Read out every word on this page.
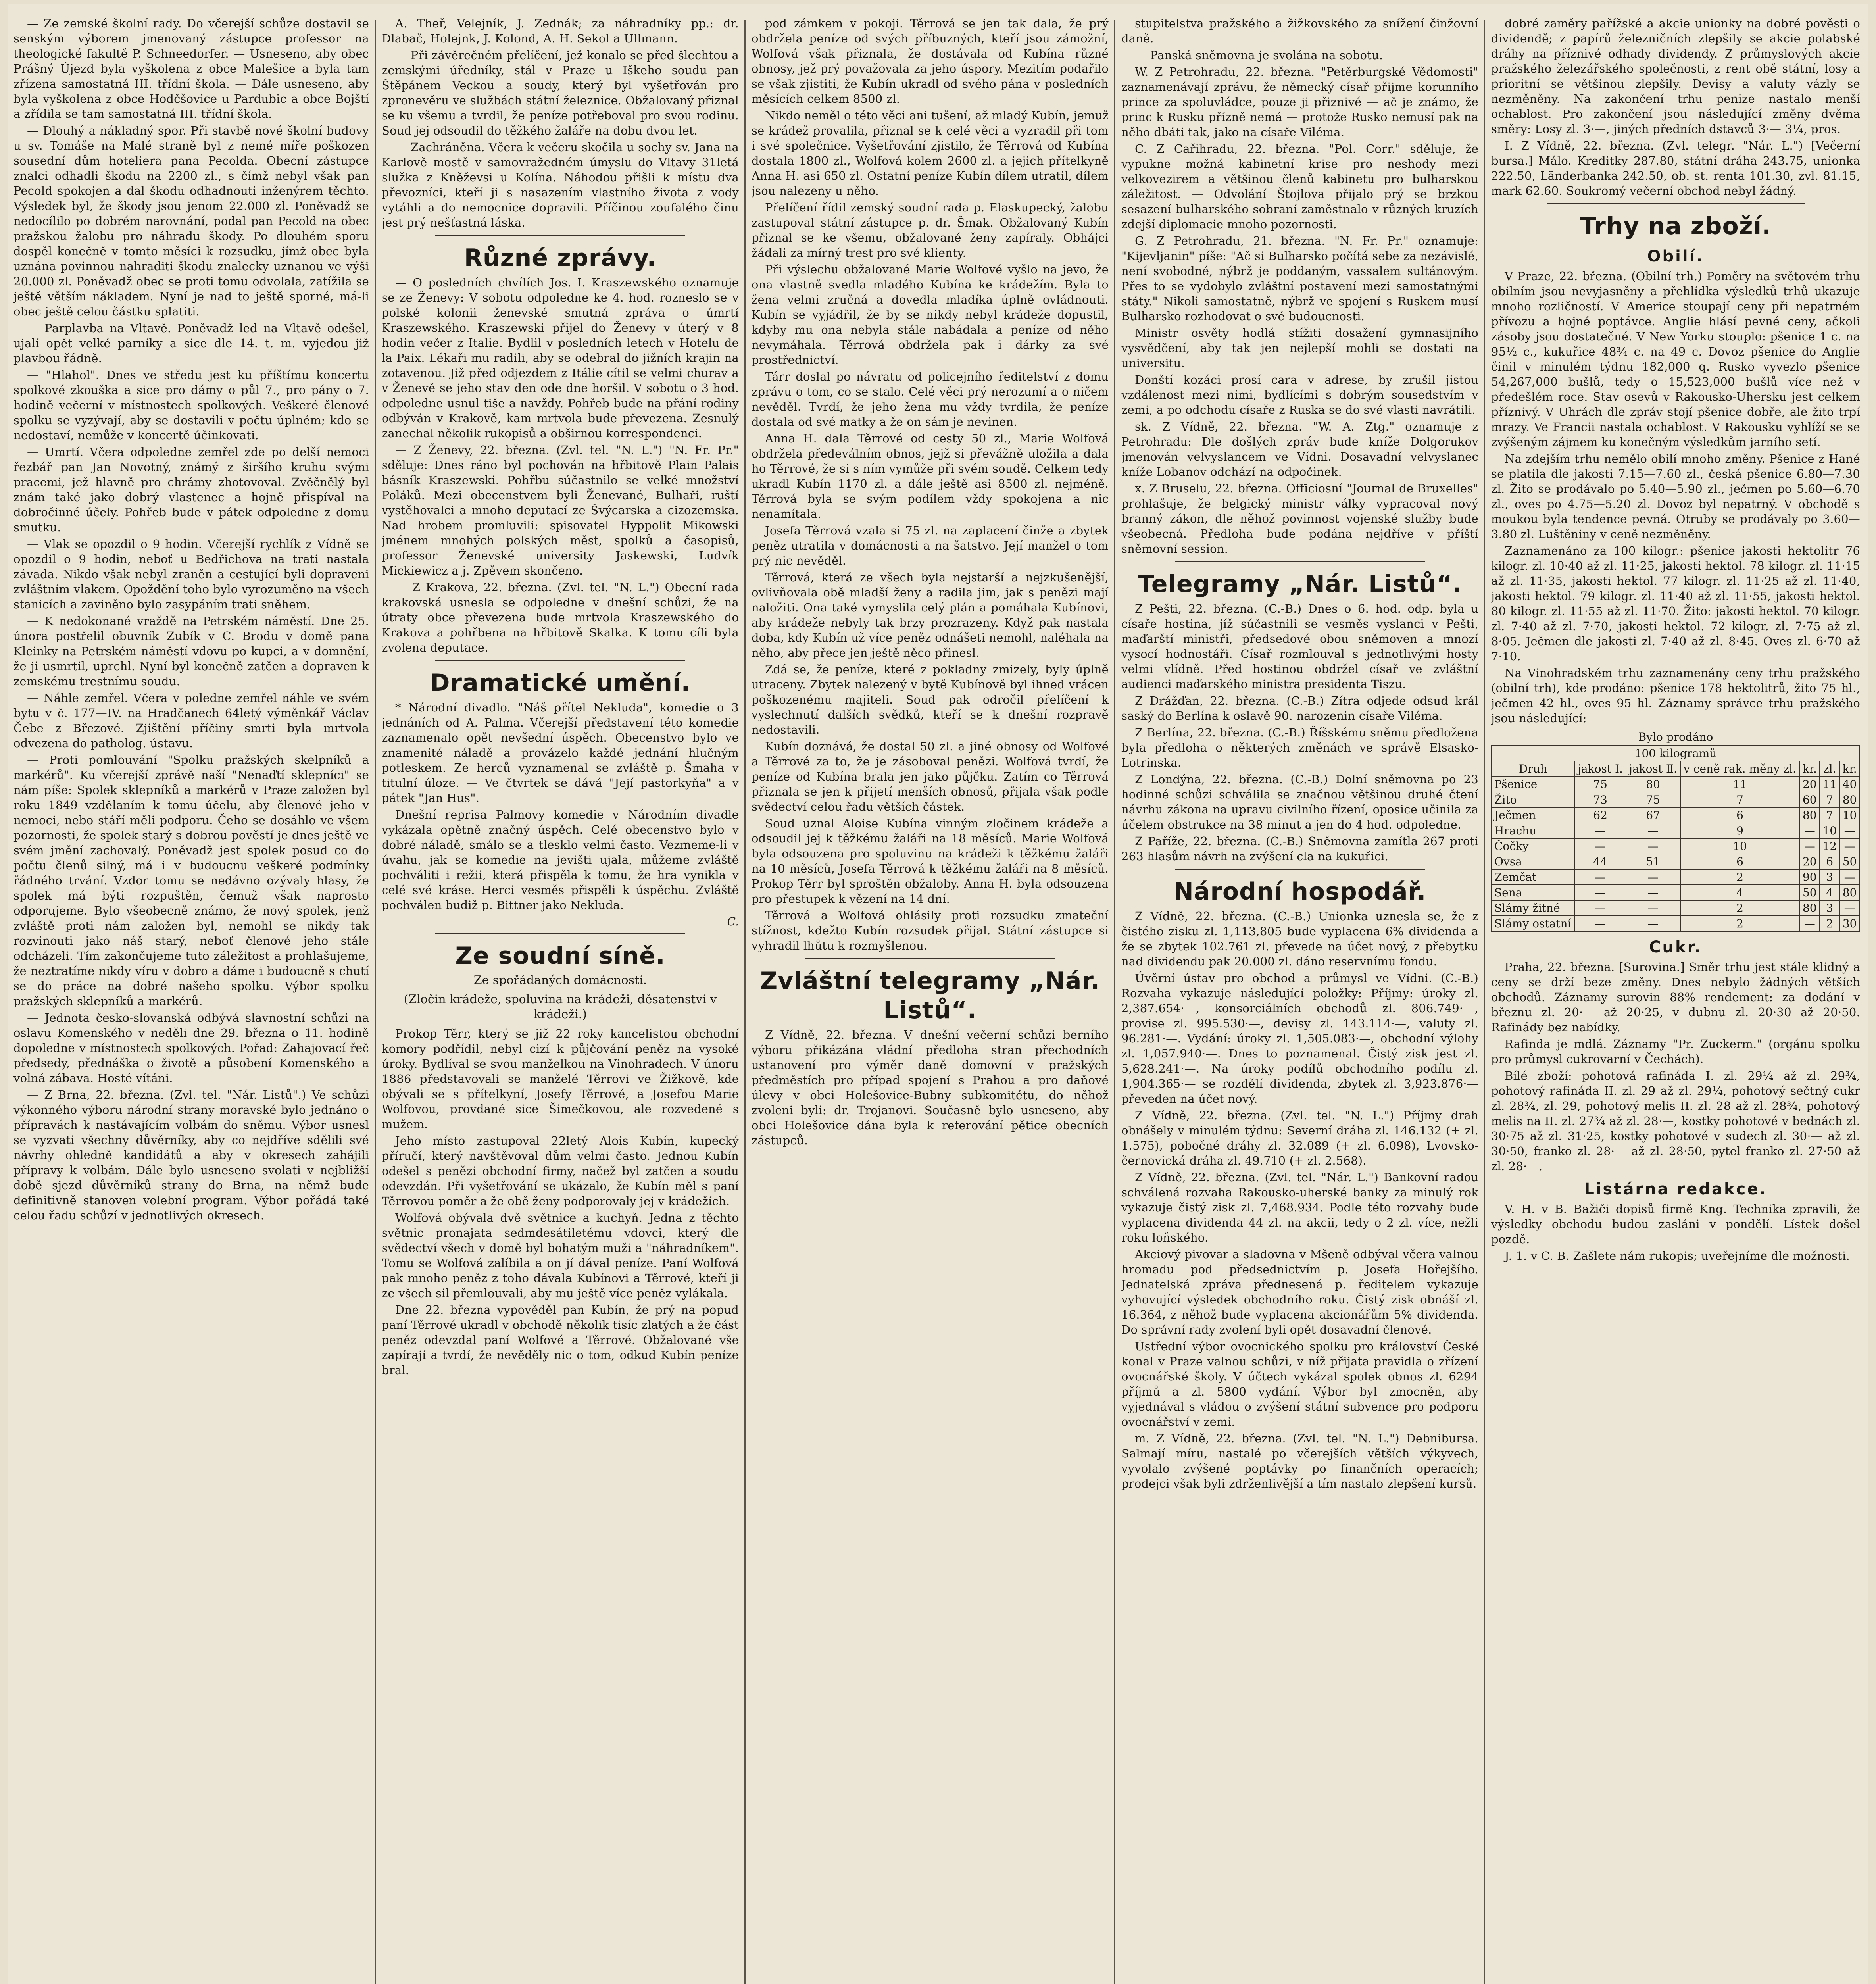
— Ze zemské školní rady. Do včerejší schůze dostavil se senským výborem jmenovaný zástupce professor na theologické fakultě P. Schneedorfer. — Usneseno, aby obec Prášný Újezd byla vyškolena z obce Malešice a byla tam zřízena samostatná III. třídní škola. — Dále usneseno, aby byla vyškolena z obce Hodčšovice u Pardubic a obce Bojští a zřídila se tam samostatná III. třídní škola.

— Dlouhý a nákladný spor. Při stavbě nové školní budovy u sv. Tomáše na Malé straně byl z nemé míře poškozen sousední dům hoteliera pana Pecolda. Obecní zástupce znalci odhadli škodu na 2200 zl., s čímž nebyl však pan Pecold spokojen a dal škodu odhadnouti inženýrem těchto. Výsledek byl, že škody jsou jenom 22.000 zl. Poněvadž se nedocílilo po dobrém narovnání, podal pan Pecold na obec pražskou žalobu pro náhradu škody. Po dlouhém sporu dospěl konečně v tomto měsíci k rozsudku, jímž obec byla uznána povinnou nahraditi škodu znalecky uznanou ve výši 20.000 zl. Poněvadž obec se proti tomu odvolala, zatížila se ještě větším nákladem. Nyní je nad to ještě sporné, má-li obec ještě celou částku splatiti.

— Parplavba na Vltavě. Poněvadž led na Vltavě odešel, ujalí opět velké parníky a sice dle 14. t. m. vyjedou již plavbou řádně.

— "Hlahol". Dnes ve středu jest ku příštímu koncertu spolkové zkouška a sice pro dámy o půl 7., pro pány o 7. hodině večerní v místnostech spolkových. Veškeré členové spolku se vyzývají, aby se dostavili v počtu úplném; kdo se nedostaví, nemůže v koncertě účinkovati.

— Umrtí. Včera odpoledne zemřel zde po delší nemoci řezbář pan Jan Novotný, známý z širšího kruhu svými pracemi, jež hlavně pro chrámy zhotovoval. Zvěčnělý byl znám také jako dobrý vlastenec a hojně přispíval na dobročinné účely. Pohřeb bude v pátek odpoledne z domu smutku.

— Vlak se opozdil o 9 hodin. Včerejší rychlík z Vídně se opozdil o 9 hodin, neboť u Bedřichova na trati nastala závada. Nikdo však nebyl zraněn a cestující byli dopraveni zvláštním vlakem. Opoždění toho bylo vyrozuměno na všech stanicích a zaviněno bylo zasypáním trati sněhem.

— K nedokonané vraždě na Petrském náměstí. Dne 25. února postřelil obuvník Zubík v C. Brodu v domě pana Kleinky na Petrském náměstí vdovu po kupci, a v domnění, že ji usmrtil, uprchl. Nyní byl konečně zatčen a dopraven k zemskému trestnímu soudu.

— Náhle zemřel. Včera v poledne zemřel náhle ve svém bytu v č. 177—IV. na Hradčanech 64letý výměnkář Václav Čebe z Březové. Zjištění příčiny smrti byla mrtvola odvezena do patholog. ústavu.

— Proti pomlouvání "Spolku pražských skelpníků a markérů". Ku včerejší zprávě naší "Nenaďtí sklepníci" se nám píše: Spolek sklepníků a markérů v Praze založen byl roku 1849 vzdělaním k tomu účelu, aby členové jeho v nemoci, nebo stáří měli podporu. Čeho se dosáhlo ve všem pozornosti, že spolek starý s dobrou pověstí je dnes ještě ve svém jmění zachovalý. Poněvadž jest spolek posud co do počtu členů silný, má i v budoucnu veškeré podmínky řádného trvání. Vzdor tomu se nedávno ozývaly hlasy, že spolek má býti rozpuštěn, čemuž však naprosto odporujeme. Bylo všeobecně známo, že nový spolek, jenž zvláště proti nám založen byl, nemohl se nikdy tak rozvinouti jako náš starý, neboť členové jeho stále odcházeli. Tím zakončujeme tuto záležitost a prohlašujeme, že neztratíme nikdy víru v dobro a dáme i budoucně s chutí se do práce na dobré našeho spolku. Výbor spolku pražských sklepníků a markérů.

— Jednota česko-slovanská odbývá slavnostní schůzi na oslavu Komenského v neděli dne 29. března o 11. hodině dopoledne v místnostech spolkových. Pořad: Zahajovací řeč předsedy, přednáška o životě a působení Komenského a volná zábava. Hosté vítáni.

— Z Brna, 22. března. (Zvl. tel. "Nár. Listů".) Ve schůzi výkonného výboru národní strany moravské bylo jednáno o přípravách k nastávajícím volbám do sněmu. Výbor usnesl se vyzvati všechny důvěrníky, aby co nejdříve sdělili své návrhy ohledně kandidátů a aby v okresech zahájili přípravy k volbám. Dále bylo usneseno svolati v nejbližší době sjezd důvěrníků strany do Brna, na němž bude definitivně stanoven volební program. Výbor pořádá také celou řadu schůzí v jednotlivých okresech.

A. Theř, Velejník, J. Zednák; za náhradníky pp.: dr. Dlabač, Holejnk, J. Kolond, A. H. Sekol a Ullmann.

— Při závěrečném přelíčení, jež konalo se před šlechtou a zemskými úředníky, stál v Praze u Iškeho soudu pan Štěpánem Veckou a soudy, který byl vyšetřován pro zpronevěru ve službách státní železnice. Obžalovaný přiznal se ku všemu a tvrdil, že peníze potřeboval pro svou rodinu. Soud jej odsoudil do těžkého žaláře na dobu dvou let.

— Zachráněna. Včera k večeru skočila u sochy sv. Jana na Karlově mostě v samovražedném úmyslu do Vltavy 31letá služka z Kněževsi u Kolína. Náhodou přišli k místu dva převozníci, kteří ji s nasazením vlastního života z vody vytáhli a do nemocnice dopravili. Příčinou zoufalého činu jest prý nešťastná láska.

Různé zprávy.

— O posledních chvílích Jos. I. Kraszewského oznamuje se ze Ženevy: V sobotu odpoledne ke 4. hod. rozneslo se v polské kolonii ženevské smutná zpráva o úmrtí Kraszewského. Kraszewski přijel do Ženevy v úterý v 8 hodin večer z Italie. Bydlil v posledních letech v Hotelu de la Paix. Lékaři mu radili, aby se odebral do jižních krajin na zotavenou. Již před odjezdem z Itálie cítil se velmi churav a v Ženevě se jeho stav den ode dne horšil. V sobotu o 3 hod. odpoledne usnul tiše a navždy. Pohřeb bude na přání rodiny odbýván v Krakově, kam mrtvola bude převezena. Zesnulý zanechal několik rukopisů a obširnou korrespondenci.

— Z Ženevy, 22. března. (Zvl. tel. "N. L.") "N. Fr. Pr." sděluje: Dnes ráno byl pochován na hřbitově Plain Palais básník Kraszewski. Pohřbu súčastnilo se velké množství Poláků. Mezi obecenstvem byli Ženevané, Bulhaři, ruští vystěhovalci a mnoho deputací ze Švýcarska a cizozemska. Nad hrobem promluvili: spisovatel Hyppolit Mikowski jménem mnohých polských měst, spolků a časopisů, professor Ženevské university Jaskewski, Ludvík Mickiewicz a j. Zpěvem skončeno.

— Z Krakova, 22. března. (Zvl. tel. "N. L.") Obecní rada krakovská usnesla se odpoledne v dnešní schůzi, že na útraty obce převezena bude mrtvola Kraszewského do Krakova a pohřbena na hřbitově Skalka. K tomu cíli byla zvolena deputace.

Dramatické umění.

* Národní divadlo. "Náš přítel Nekluda", komedie o 3 jednáních od A. Palma. Včerejší představení této komedie zaznamenalo opět nevšední úspěch. Obecenstvo bylo ve znamenité náladě a provázelo každé jednání hlučným potleskem. Ze herců vyznamenal se zvláště p. Šmaha v titulní úloze. — Ve čtvrtek se dává "Její pastorkyňa" a v pátek "Jan Hus".

Dnešní reprisa Palmovy komedie v Národním divadle vykázala opětně značný úspěch. Celé obecenstvo bylo v dobré náladě, smálo se a tlesklo velmi často. Vezmeme-li v úvahu, jak se komedie na jevišti ujala, můžeme zvláště pochváliti i režii, která přispěla k tomu, že hra vynikla v celé své kráse. Herci vesměs přispěli k úspěchu. Zvláště pochválen budiž p. Bittner jako Nekluda.

C.
Ze soudní síně.
Ze spořádaných domácností.
(Zločin krádeže, spoluvina na krádeži, děsatenství v krádeži.)

Prokop Těrr, který se již 22 roky kancelistou obchodní komory podřídil, nebyl cizí k půjčování peněz na vysoké úroky. Bydlíval se svou manželkou na Vinohradech. V únoru 1886 představovali se manželé Těrrovi ve Žižkově, kde obývali se s přítelkyní, Josefy Těrrové, a Josefou Marie Wolfovou, provdané sice Šimečkovou, ale rozvedené s mužem.

Jeho místo zastupoval 22letý Alois Kubín, kupecký příručí, který navštěvoval dům velmi často. Jednou Kubín odešel s penězi obchodní firmy, načež byl zatčen a soudu odevzdán. Při vyšetřování se ukázalo, že Kubín měl s paní Těrrovou poměr a že obě ženy podporovaly jej v krádežích.

Wolfová obývala dvě světnice a kuchyň. Jedna z těchto světnic pronajata sedmdesátiletému vdovci, který dle svědectví všech v domě byl bohatým muži a "náhradníkem". Tomu se Wolfová zalíbila a on jí dával peníze. Paní Wolfová pak mnoho peněz z toho dávala Kubínovi a Těrrové, kteří ji ze všech sil přemlouvali, aby mu ještě více peněz vylákala.

Dne 22. března vypověděl pan Kubín, že prý na popud paní Těrrové ukradl v obchodě několik tisíc zlatých a že část peněz odevzdal paní Wolfové a Těrrové. Obžalované vše zapírají a tvrdí, že nevěděly nic o tom, odkud Kubín peníze bral.

pod zámkem v pokoji. Těrrová se jen tak dala, že prý obdržela peníze od svých příbuzných, kteří jsou zámožní, Wolfová však přiznala, že dostávala od Kubína různé obnosy, jež prý považovala za jeho úspory. Mezitím podařilo se však zjistiti, že Kubín ukradl od svého pána v posledních měsících celkem 8500 zl.

Nikdo neměl o této věci ani tušení, až mladý Kubín, jemuž se krádež provalila, přiznal se k celé věci a vyzradil při tom i své společnice. Vyšetřování zjistilo, že Těrrová od Kubína dostala 1800 zl., Wolfová kolem 2600 zl. a jejich přítelkyně Anna H. asi 650 zl. Ostatní peníze Kubín dílem utratil, dílem jsou nalezeny u něho.

Přelíčení řídil zemský soudní rada p. Elaskupecký, žalobu zastupoval státní zástupce p. dr. Šmak. Obžalovaný Kubín přiznal se ke všemu, obžalované ženy zapíraly. Obhájci žádali za mírný trest pro své klienty.

Při výslechu obžalované Marie Wolfové vyšlo na jevo, že ona vlastně svedla mladého Kubína ke krádežím. Byla to žena velmi zručná a dovedla mladíka úplně ovládnouti. Kubín se vyjádřil, že by se nikdy nebyl krádeže dopustil, kdyby mu ona nebyla stále nabádala a peníze od něho nevymáhala. Těrrová obdržela pak i dárky za své prostřednictví.

Tárr doslal po návratu od policejního ředitelství z domu zprávu o tom, co se stalo. Celé věci prý nerozumí a o ničem nevěděl. Tvrdí, že jeho žena mu vždy tvrdila, že peníze dostala od své matky a že on sám je nevinen.

Anna H. dala Těrrové od cesty 50 zl., Marie Wolfová obdržela předeválním obnos, jejž si převážně uložila a dala ho Těrrové, že si s ním vymůže při svém soudě. Celkem tedy ukradl Kubín 1170 zl. a dále ještě asi 8500 zl. nejméně. Těrrová byla se svým podílem vždy spokojena a nic nenamítala.

Josefa Těrrová vzala si 75 zl. na zaplacení činže a zbytek peněz utratila v domácnosti a na šatstvo. Její manžel o tom prý nic nevěděl.

Těrrová, která ze všech byla nejstarší a nejzkušenější, ovlivňovala obě mladší ženy a radila jim, jak s penězi mají naložiti. Ona také vymyslila celý plán a pomáhala Kubínovi, aby krádeže nebyly tak brzy prozrazeny. Když pak nastala doba, kdy Kubín už více peněz odnášeti nemohl, naléhala na něho, aby přece jen ještě něco přinesl.

Zdá se, že peníze, které z pokladny zmizely, byly úplně utraceny. Zbytek nalezený v bytě Kubínově byl ihned vrácen poškozenému majiteli. Soud pak odročil přelíčení k vyslechnutí dalších svědků, kteří se k dnešní rozpravě nedostavili.

Kubín doznává, že dostal 50 zl. a jiné obnosy od Wolfové a Těrrové za to, že je zásoboval penězi. Wolfová tvrdí, že peníze od Kubína brala jen jako půjčku. Zatím co Těrrová přiznala se jen k přijetí menších obnosů, přijala však podle svědectví celou řadu větších částek.

Soud uznal Aloise Kubína vinným zločinem krádeže a odsoudil jej k těžkému žaláři na 18 měsíců. Marie Wolfová byla odsouzena pro spoluvinu na krádeži k těžkému žaláři na 10 měsíců, Josefa Těrrová k těžkému žaláři na 8 měsíců. Prokop Těrr byl sproštěn obžaloby. Anna H. byla odsouzena pro přestupek k vězení na 14 dní.

Těrrová a Wolfová ohlásily proti rozsudku zmateční stížnost, kdežto Kubín rozsudek přijal. Státní zástupce si vyhradil lhůtu k rozmyšlenou.

Zvláštní telegramy „Nár. Listů“.

Z Vídně, 22. března. V dnešní večerní schůzi berního výboru přikázána vládní předloha stran přechodních ustanovení pro výměr daně domovní v pražských předměstích pro případ spojení s Prahou a pro daňové úlevy v obci Holešovice-Bubny subkomitétu, do něhož zvoleni byli: dr. Trojanovi. Současně bylo usneseno, aby obci Holešovice dána byla k referování pětice obecních zástupců.

stupitelstva pražského a žižkovského za snížení činžovní daně.

— Panská sněmovna je svolána na sobotu.

W. Z Petrohradu, 22. března. "Petěrburgské Vědomosti" zaznamenávají zprávu, že německý císař přijme korunního prince za spoluvládce, pouze ji přiznivé — ač je známo, že princ k Rusku přízně nemá — protože Rusko nemusí pak na něho dbáti tak, jako na císaře Viléma.

C. Z Cařihradu, 22. března. "Pol. Corr." sděluje, že vypukne možná kabinetní krise pro neshody mezi velkovezirem a většinou členů kabinetu pro bulharskou záležitost. — Odvolání Štojlova přijalo prý se brzkou sesazení bulharského sobraní zaměstnalo v různých kruzích zdejší diplomacie mnoho pozornosti.

G. Z Petrohradu, 21. března. "N. Fr. Pr." oznamuje: "Kijevljanin" píše: "Ač si Bulharsko počítá sebe za nezávislé, není svobodné, nýbrž je poddaným, vassalem sultánovým. Přes to se vydobylo zvláštní postavení mezi samostatnými státy." Nikoli samostatně, nýbrž ve spojení s Ruskem musí Bulharsko rozhodovat o své budoucnosti.

Ministr osvěty hodlá stížiti dosažení gymnasijního vysvědčení, aby tak jen nejlepší mohli se dostati na universitu.

Donští kozáci prosí cara v adrese, by zrušil jistou vzdálenost mezi nimi, bydlícími s dobrým sousedstvím v zemi, a po odchodu císaře z Ruska se do své vlasti navrátili.

sk. Z Vídně, 22. března. "W. A. Ztg." oznamuje z Petrohradu: Dle došlých zpráv bude kníže Dolgorukov jmenován velvyslancem ve Vídni. Dosavadní velvyslanec kníže Lobanov odchází na odpočinek.

x. Z Bruselu, 22. března. Officiosní "Journal de Bruxelles" prohlašuje, že belgický ministr války vypracoval nový branný zákon, dle něhož povinnost vojenské služby bude všeobecná. Předloha bude podána nejdříve v příští sněmovní session.

Telegramy „Nár. Listů“.

Z Pešti, 22. března. (C.-B.) Dnes o 6. hod. odp. byla u císaře hostina, jíž súčastnili se vesměs vyslanci v Pešti, maďarští ministři, předsedové obou sněmoven a mnozí vysocí hodnostáři. Císař rozmlouval s jednotlivými hosty velmi vlídně. Před hostinou obdržel císař ve zvláštní audienci maďarského ministra presidenta Tiszu.

Z Drážďan, 22. března. (C.-B.) Zítra odjede odsud král saský do Berlína k oslavě 90. narozenin císaře Viléma.

Z Berlína, 22. března. (C.-B.) Říšskému sněmu předložena byla předloha o některých změnách ve správě Elsasko-Lotrinska.

Z Londýna, 22. března. (C.-B.) Dolní sněmovna po 23 hodinné schůzi schválila se značnou většinou druhé čtení návrhu zákona na upravu civilního řízení, oposice učinila za účelem obstrukce na 38 minut a jen do 4 hod. odpoledne.

Z Paříže, 22. března. (C.-B.) Sněmovna zamítla 267 proti 263 hlasům návrh na zvýšení cla na kukuřici.

Národní hospodář.

Z Vídně, 22. března. (C.-B.) Unionka uznesla se, že z čistého zisku zl. 1,113,805 bude vyplacena 6% dividenda a že se zbytek 102.761 zl. převede na účet nový, z přebytku nad dividendu pak 20.000 zl. dáno reservnímu fondu.

Úvěrní ústav pro obchod a průmysl ve Vídni. (C.-B.) Rozvaha vykazuje následující položky: Příjmy: úroky zl. 2,387.654·—, konsorciálních obchodů zl. 806.749·—, provise zl. 995.530·—, devisy zl. 143.114·—, valuty zl. 96.281·—. Vydání: úroky zl. 1,505.083·—, obchodní výlohy zl. 1,057.940·—. Dnes to poznamenal. Čistý zisk jest zl. 5,628.241·—. Na úroky podílů obchodního podílu zl. 1,904.365·— se rozdělí dividenda, zbytek zl. 3,923.876·— převeden na účet nový.

Z Vídně, 22. března. (Zvl. tel. "N. L.") Příjmy drah obnášely v minulém týdnu: Severní dráha zl. 146.132 (+ zl. 1.575), pobočné dráhy zl. 32.089 (+ zl. 6.098), Lvovsko-černovická dráha zl. 49.710 (+ zl. 2.568).

Z Vídně, 22. března. (Zvl. tel. "Nár. L.") Bankovní radou schválená rozvaha Rakousko-uherské banky za minulý rok vykazuje čistý zisk zl. 7,468.934. Podle této rozvahy bude vyplacena dividenda 44 zl. na akcii, tedy o 2 zl. více, nežli roku loňského.

Akciový pivovar a sladovna v Mšeně odbýval včera valnou hromadu pod předsednictvím p. Josefa Hořejšího. Jednatelská zpráva přednesená p. ředitelem vykazuje vyhovující výsledek obchodního roku. Čistý zisk obnáší zl. 16.364, z něhož bude vyplacena akcionářům 5% dividenda. Do správní rady zvolení byli opět dosavadní členové.

Ústřední výbor ovocnického spolku pro království České konal v Praze valnou schůzi, v níž přijata pravidla o zřízení ovocnářské školy. V účtech vykázal spolek obnos zl. 6294 příjmů a zl. 5800 vydání. Výbor byl zmocněn, aby vyjednával s vládou o zvýšení státní subvence pro podporu ovocnářství v zemi.

m. Z Vídně, 22. března. (Zvl. tel. "N. L.") Debnibursa. Salmají míru, nastalé po včerejších větších výkyvech, vyvolalo zvýšené poptávky po finančních operacích; prodejci však byli zdrženlivější a tím nastalo zlepšení kursů.

dobré zaměry pařížské a akcie unionky na dobré pověsti o dividendě; z papírů železničních zlepšily se akcie polabské dráhy na příznivé odhady dividendy. Z průmyslových akcie pražského železářského společnosti, z rent obě státní, losy a prioritní se většinou zlepšily. Devisy a valuty vázly se nezměněny. Na zakončení trhu penize nastalo menší ochablost. Pro zakončení jsou následující změny dvěma směry: Losy zl. 3·—, jiných předních dstavců 3·— 3¼, pros.

I. Z Vídně, 22. března. (Zvl. telegr. "Nár. L.") [Večerní bursa.] Málo. Kreditky 287.80, státní dráha 243.75, unionka 222.50, Länderbanka 242.50, ob. st. renta 101.30, zvl. 81.15, mark 62.60. Soukromý večerní obchod nebyl žádný.

Trhy na zboží.
Obilí.

V Praze, 22. března. (Obilní trh.) Poměry na světovém trhu obilním jsou nevyjasněny a přehlídka výsledků trhů ukazuje mnoho rozličností. V Americe stoupají ceny při nepatrném přívozu a hojné poptávce. Anglie hlásí pevné ceny, ačkoli zásoby jsou dostatečné. V New Yorku stouplo: pšenice 1 c. na 95½ c., kukuřice 48¾ c. na 49 c. Dovoz pšenice do Anglie činil v minulém týdnu 182,000 q. Rusko vyvezlo pšenice 54,267,000 bušlů, tedy o 15,523,000 bušlů více než v předešlém roce. Stav osevů v Rakousko-Uhersku jest celkem příznivý. V Uhrách dle zpráv stojí pšenice dobře, ale žito trpí mrazy. Ve Francii nastala ochablost. V Rakousku vyhlíží se se zvýšeným zájmem ku konečným výsledkům jarního setí.

Na zdejším trhu nemělo obilí mnoho změny. Pšenice z Hané se platila dle jakosti 7.15—7.60 zl., česká pšenice 6.80—7.30 zl. Žito se prodávalo po 5.40—5.90 zl., ječmen po 5.60—6.70 zl., oves po 4.75—5.20 zl. Dovoz byl nepatrný. V obchodě s moukou byla tendence pevná. Otruby se prodávaly po 3.60—3.80 zl. Luštěniny v ceně nezměněny.

Zaznamenáno za 100 kilogr.: pšenice jakosti hektolitr 76 kilogr. zl. 10·40 až zl. 11·25, jakosti hektol. 78 kilogr. zl. 11·15 až zl. 11·35, jakosti hektol. 77 kilogr. zl. 11·25 až zl. 11·40, jakosti hektol. 79 kilogr. zl. 11·40 až zl. 11·55, jakosti hektol. 80 kilogr. zl. 11·55 až zl. 11·70. Žito: jakosti hektol. 70 kilogr. zl. 7·40 až zl. 7·70, jakosti hektol. 72 kilogr. zl. 7·75 až zl. 8·05. Ječmen dle jakosti zl. 7·40 až zl. 8·45. Oves zl. 6·70 až 7·10.

Na Vinohradském trhu zaznamenány ceny trhu pražského (obilní trh), kde prodáno: pšenice 178 hektolitrů, žito 75 hl., ječmen 42 hl., oves 95 hl. Záznamy správce trhu pražského jsou následující:

Bylo prodáno
100 kilogramů						
Druh	jakost Ⅰ.	jakost Ⅱ.	v ceně rak. měny zl.	kr.	zl.	kr.
Pšenice	75	80	11	20	11	40
Žito	73	75	7	60	7	80
Ječmen	62	67	6	80	7	10
Hrachu	—	—	9	—	10	—
Čočky	—	—	10	—	12	—
Ovsa	44	51	6	20	6	50
Zemčat	—	—	2	90	3	—
Sena	—	—	4	50	4	80
Slámy žitné	—	—	2	80	3	—
Slámy ostatní	—	—	2	—	2	30
Cukr.

Praha, 22. března. [Surovina.] Směr trhu jest stále klidný a ceny se drží beze změny. Dnes nebylo žádných větších obchodů. Záznamy surovin 88% rendement: za dodání v březnu zl. 20·— až 20·25, v dubnu zl. 20·30 až 20·50. Rafinády bez nabídky.

Rafinda je mdlá. Záznamy "Pr. Zuckerm." (orgánu spolku pro průmysl cukrovarní v Čechách).

Bílé zboží: pohotová rafináda I. zl. 29¼ až zl. 29¾, pohotový rafináda II. zl. 29 až zl. 29¼, pohotový sečtný cukr zl. 28¾, zl. 29, pohotový melis II. zl. 28 až zl. 28¾, pohotový melis na II. zl. 27¾ až zl. 28·—, kostky pohotové v bednách zl. 30·75 až zl. 31·25, kostky pohotové v sudech zl. 30·— až zl. 30·50, franko zl. 28·— až zl. 28·50, pytel franko zl. 27·50 až zl. 28·—.

Listárna redakce.

V. H. v B. Bažiči dopisů firmě Kng. Technika zpravili, že výsledky obchodu budou zasláni v pondělí. Lístek došel pozdě.

J. 1. v C. B. Zašlete nám rukopis; uveřejníme dle možnosti.
